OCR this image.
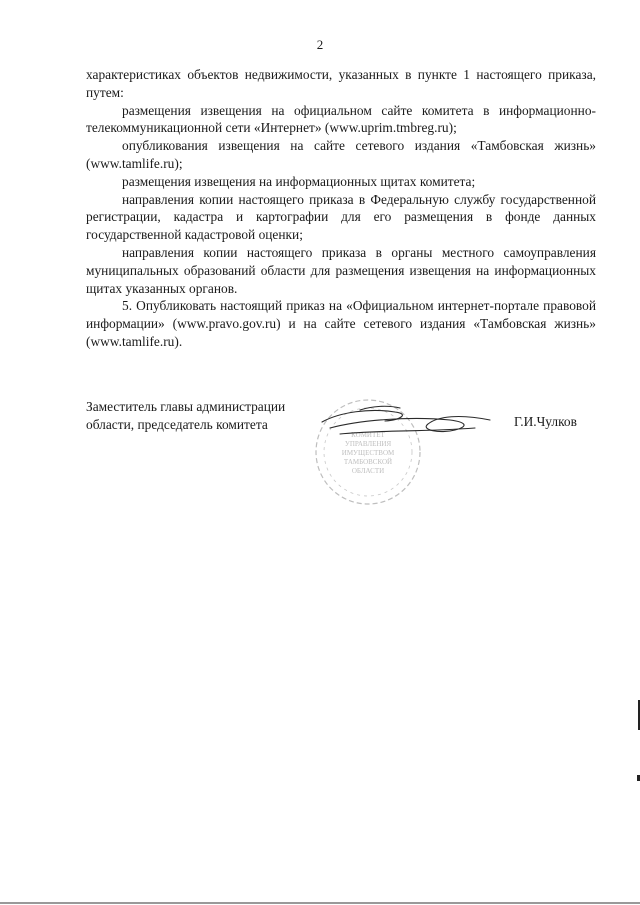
2

характеристиках объектов недвижимости, указанных в пункте 1 настоящего приказа, путем:

размещения извещения на официальном сайте комитета в информационно-телекоммуникационной сети «Интернет» (www.uprim.tmbreg.ru);

опубликования извещения на сайте сетевого издания «Тамбовская жизнь» (www.tamlife.ru);

размещения извещения на информационных щитах комитета;

направления копии настоящего приказа в Федеральную службу государственной регистрации, кадастра и картографии для его размещения в фонде данных государственной кадастровой оценки;

направления копии настоящего приказа в органы местного самоуправления муниципальных образований области для размещения извещения на информационных щитах указанных органов.

5. Опубликовать настоящий приказ на «Официальном интернет-портале правовой информации» (www.pravo.gov.ru) и на сайте сетевого издания «Тамбовская жизнь» (www.tamlife.ru).

Заместитель главы администрации
области, председатель комитета
КОМИТЕТ
УПРАВЛЕНИЯ
ИМУЩЕСТВОМ
ТАМБОВСКОЙ
ОБЛАСТИ
Г.И.Чулков
